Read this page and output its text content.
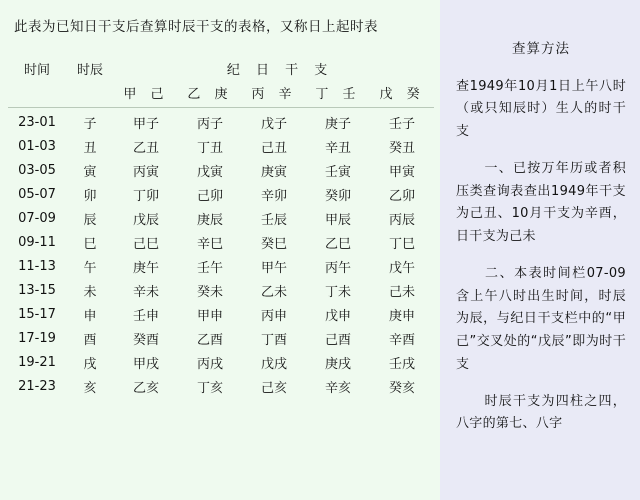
此表为已知日干支后查算时辰干支的表格，又称日上起时表
时间	时辰	纪 日 干 支				
		甲 己	乙 庚	丙 辛	丁 壬	戊 癸

23-01	子	甲子	丙子	戊子	庚子	壬子
01-03	丑	乙丑	丁丑	己丑	辛丑	癸丑
03-05	寅	丙寅	戊寅	庚寅	壬寅	甲寅
05-07	卯	丁卯	己卯	辛卯	癸卯	乙卯
07-09	辰	戊辰	庚辰	壬辰	甲辰	丙辰
09-11	巳	己巳	辛巳	癸巳	乙巳	丁巳
11-13	午	庚午	壬午	甲午	丙午	戊午
13-15	未	辛未	癸未	乙未	丁未	己未
15-17	申	壬申	甲申	丙申	戊申	庚申
17-19	酉	癸酉	乙酉	丁酉	己酉	辛酉
19-21	戌	甲戌	丙戌	戊戌	庚戌	壬戌
21-23	亥	乙亥	丁亥	己亥	辛亥	癸亥
查算方法

查1949年10月1日上午八时（或只知辰时）生人的时干支

　　一、已按万年历或者积压类查询表查出1949年干支为己丑、10月干支为辛酉，日干支为己未

　　二、本表时间栏07-09含上午八时出生时间，时辰为辰，与纪日干支栏中的“甲己”交叉处的“戊辰”即为时干支

　　时辰干支为四柱之四，八字的第七、八字
